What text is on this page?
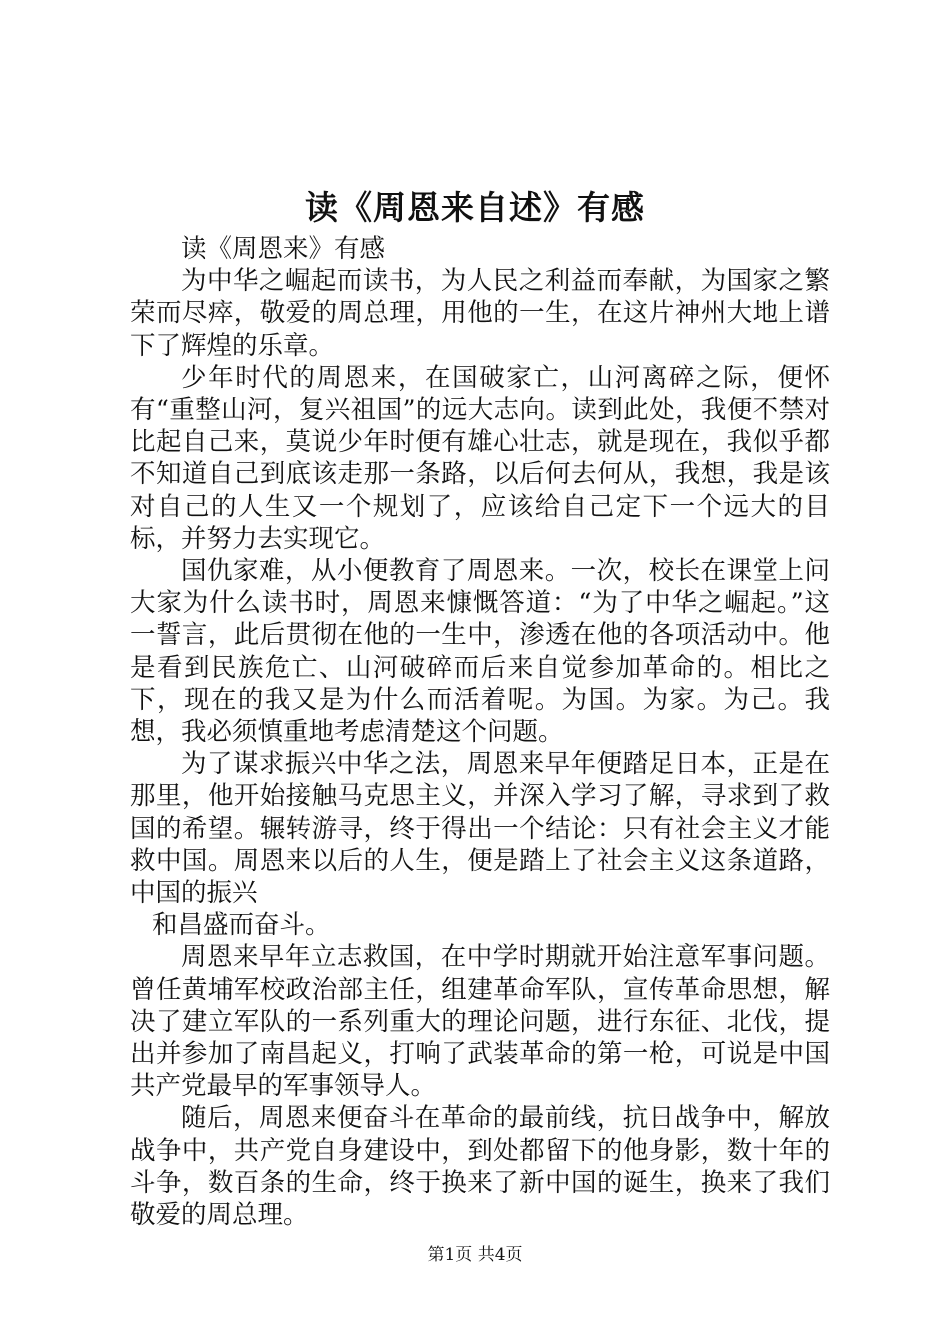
读《周恩来自述》有感

读《周恩来》有感

为中华之崛起而读书，为人民之利益而奉献，为国家之繁荣而尽瘁，敬爱的周总理，用他的一生，在这片神州大地上谱下了辉煌的乐章。

少年时代的周恩来，在国破家亡，山河离碎之际，便怀有“重整山河，复兴祖国”的远大志向。读到此处，我便不禁对比起自己来，莫说少年时便有雄心壮志，就是现在，我似乎都不知道自己到底该走那一条路，以后何去何从，我想，我是该对自己的人生又一个规划了，应该给自己定下一个远大的目标，并努力去实现它。

国仇家难，从小便教育了周恩来。一次，校长在课堂上问大家为什么读书时，周恩来慷慨答道：“为了中华之崛起。”这一誓言，此后贯彻在他的一生中，渗透在他的各项活动中。他是看到民族危亡、山河破碎而后来自觉参加革命的。相比之下，现在的我又是为什么而活着呢。为国。为家。为己。我想，我必须慎重地考虑清楚这个问题。

为了谋求振兴中华之法，周恩来早年便踏足日本，正是在那里，他开始接触马克思主义，并深入学习了解，寻求到了救国的希望。辗转游寻，终于得出一个结论：只有社会主义才能救中国。周恩来以后的人生，便是踏上了社会主义这条道路，中国的振兴

和昌盛而奋斗。

周恩来早年立志救国，在中学时期就开始注意军事问题。曾任黄埔军校政治部主任，组建革命军队，宣传革命思想，解决了建立军队的一系列重大的理论问题，进行东征、北伐，提出并参加了南昌起义，打响了武装革命的第一枪，可说是中国共产党最早的军事领导人。

随后，周恩来便奋斗在革命的最前线，抗日战争中，解放战争中，共产党自身建设中，到处都留下的他身影，数十年的斗争，数百条的生命，终于换来了新中国的诞生，换来了我们敬爱的周总理。

第1页 共4页
